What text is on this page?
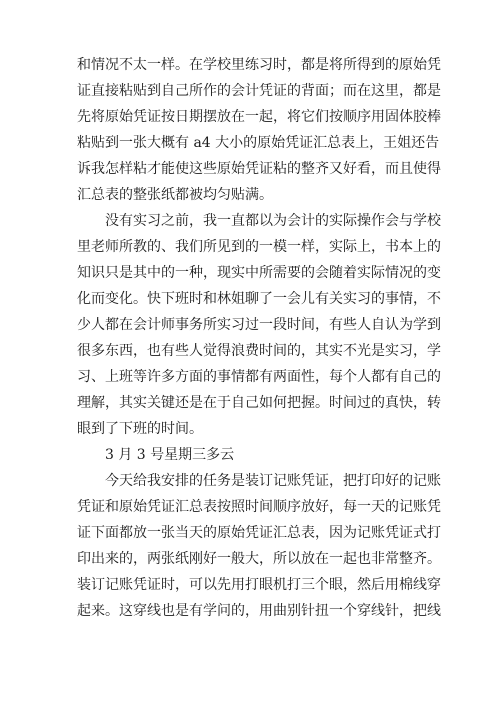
和情况不太一样。在学校里练习时，都是将所得到的原始凭
证直接粘贴到自己所作的会计凭证的背面；而在这里，都是
先将原始凭证按日期摆放在一起，将它们按顺序用固体胶棒
粘贴到一张大概有 a4 大小的原始凭证汇总表上，王姐还告
诉我怎样粘才能使这些原始凭证粘的整齐又好看，而且使得
汇总表的整张纸都被均匀贴满。
没有实习之前，我一直都以为会计的实际操作会与学校
里老师所教的、我们所见到的一模一样，实际上，书本上的
知识只是其中的一种，现实中所需要的会随着实际情况的变
化而变化。快下班时和林姐聊了一会儿有关实习的事情，不
少人都在会计师事务所实习过一段时间，有些人自认为学到
很多东西，也有些人觉得浪费时间的，其实不光是实习，学
习、上班等许多方面的事情都有两面性，每个人都有自己的
理解，其实关键还是在于自己如何把握。时间过的真快，转
眼到了下班的时间。
3 月 3 号星期三多云
今天给我安排的任务是装订记账凭证，把打印好的记账
凭证和原始凭证汇总表按照时间顺序放好，每一天的记账凭
证下面都放一张当天的原始凭证汇总表，因为记账凭证式打
印出来的，两张纸刚好一般大，所以放在一起也非常整齐。
装订记账凭证时，可以先用打眼机打三个眼，然后用棉线穿
起来。这穿线也是有学问的，用曲别针扭一个穿线针，把线
